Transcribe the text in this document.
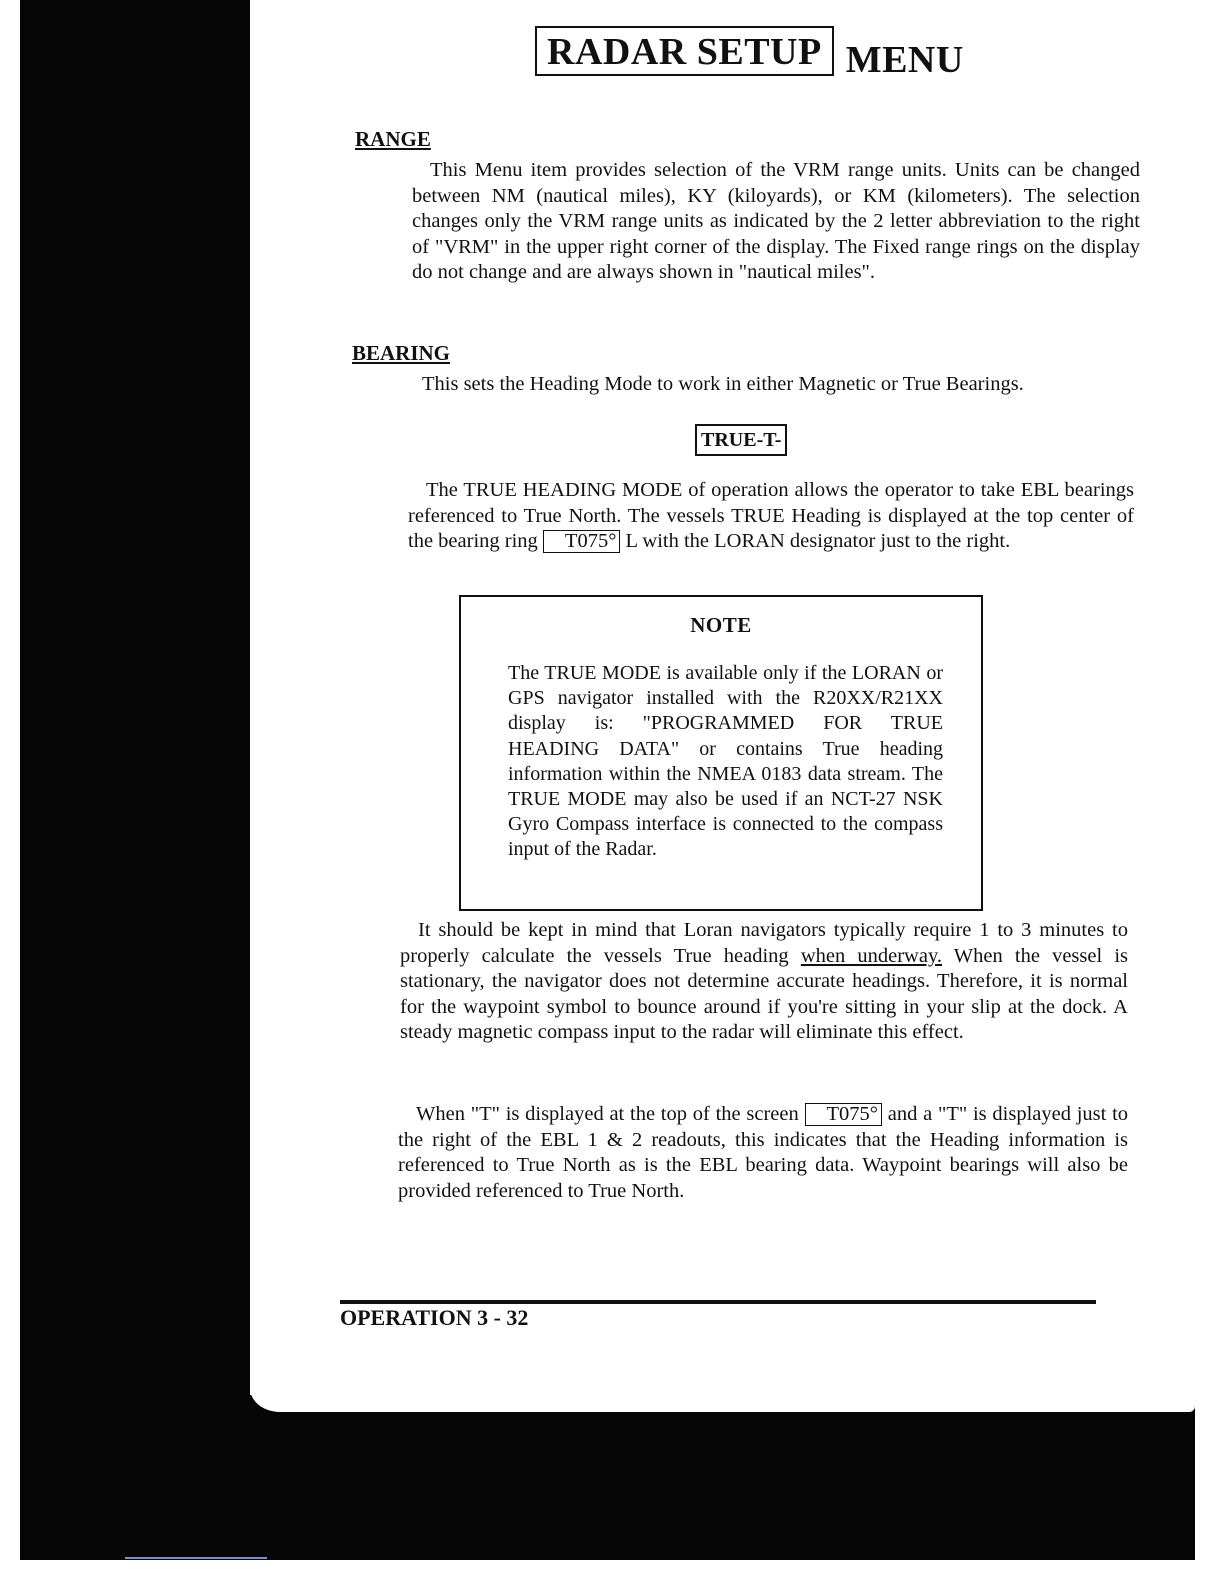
RADAR SETUP MENU
RANGE

This Menu item provides selection of the VRM range units. Units can be changed between NM (nautical miles), KY (kiloyards), or KM (kilometers). The selection changes only the VRM range units as indicated by the 2 letter abbreviation to the right of "VRM" in the upper right corner of the display. The Fixed range rings on the display do not change and are always shown in "nautical miles".

BEARING

This sets the Heading Mode to work in either Magnetic or True Bearings.

TRUE-T-

The TRUE HEADING MODE of operation allows the operator to take EBL bearings referenced to True North. The vessels TRUE Heading is displayed at the top center of the bearing ring T075° L with the LORAN designator just to the right.

NOTE
The TRUE MODE is available only if the LORAN or GPS navigator installed with the R20XX/R21XX display is: "PROGRAMMED FOR TRUE HEADING DATA" or contains True heading information within the NMEA 0183 data stream. The TRUE MODE may also be used if an NCT-27 NSK Gyro Compass interface is connected to the compass input of the Radar.

It should be kept in mind that Loran navigators typically require 1 to 3 minutes to properly calculate the vessels True heading when underway. When the vessel is stationary, the navigator does not determine accurate headings. Therefore, it is normal for the waypoint symbol to bounce around if you're sitting in your slip at the dock. A steady magnetic compass input to the radar will eliminate this effect.

When "T" is displayed at the top of the screen T075° and a "T" is displayed just to the right of the EBL 1 & 2 readouts, this indicates that the Heading information is referenced to True North as is the EBL bearing data. Waypoint bearings will also be provided referenced to True North.

OPERATION 3 - 32
